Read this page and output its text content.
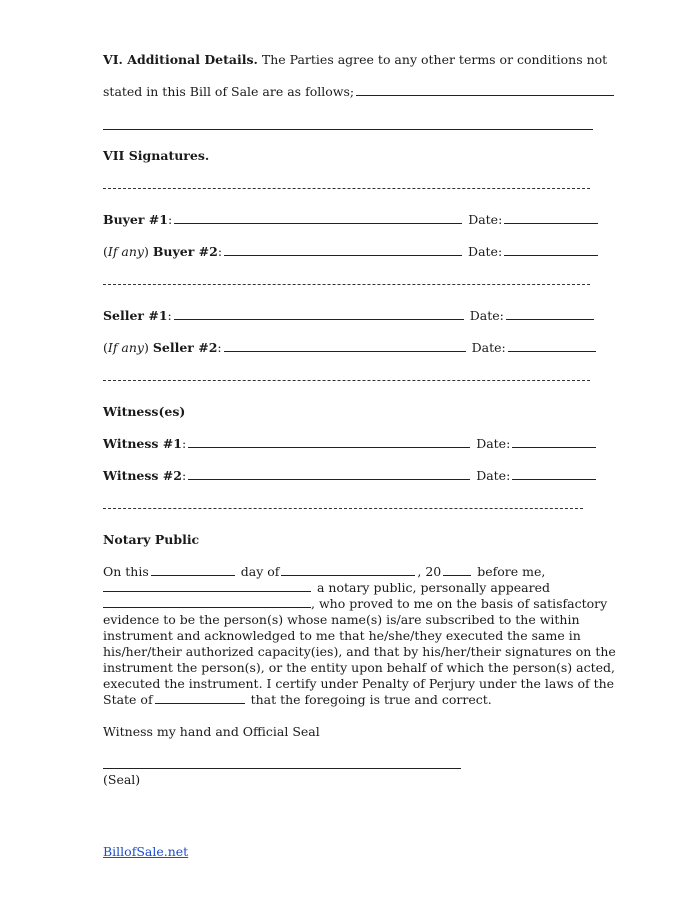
VI. Additional Details. The Parties agree to any other terms or conditions not
stated in this Bill of Sale are as follows;
VII Signatures.
Buyer #1:	Date:
(If any) Buyer #2:	Date:
Seller #1:	Date:
(If any) Seller #2:	Date:
Witness(es)
Witness #1:	Date:
Witness #2:	Date:
Notary Public
On this	day of	, 20	before me,
a notary public, personally appeared
, who proved to me on the basis of satisfactory
evidence to be the person(s) whose name(s) is/are subscribed to the within
instrument and acknowledged to me that he/she/they executed the same in
his/her/their authorized capacity(ies), and that by his/her/their signatures on the
instrument the person(s), or the entity upon behalf of which the person(s) acted,
executed the instrument. I certify under Penalty of Perjury under the laws of the
State of	that the foregoing is true and correct.
Witness my hand and Official Seal
(Seal)
BillofSale.net
